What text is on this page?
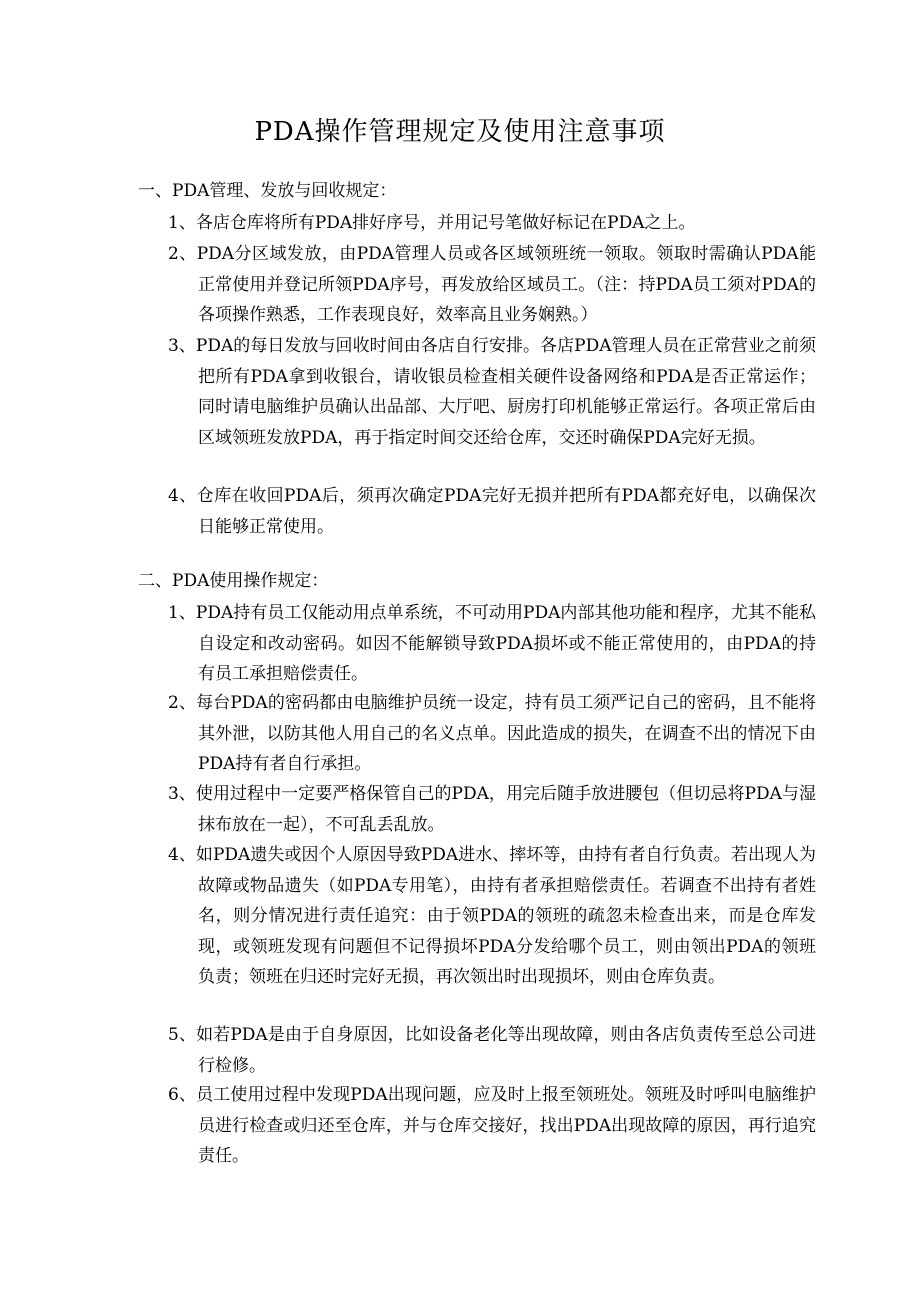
PDA操作管理规定及使用注意事项

一、PDA管理、发放与回收规定：

1、各店仓库将所有PDA排好序号，并用记号笔做好标记在PDA之上。

2、PDA分区域发放，由PDA管理人员或各区域领班统一领取。领取时需确认PDA能正常使用并登记所领PDA序号，再发放给区域员工。（注：持PDA员工须对PDA的各项操作熟悉，工作表现良好，效率高且业务娴熟。）

3、PDA的每日发放与回收时间由各店自行安排。各店PDA管理人员在正常营业之前须把所有PDA拿到收银台，请收银员检查相关硬件设备网络和PDA是否正常运作；同时请电脑维护员确认出品部、大厅吧、厨房打印机能够正常运行。各项正常后由区域领班发放PDA，再于指定时间交还给仓库，交还时确保PDA完好无损。

4、仓库在收回PDA后，须再次确定PDA完好无损并把所有PDA都充好电，以确保次日能够正常使用。

二、PDA使用操作规定：

1、PDA持有员工仅能动用点单系统，不可动用PDA内部其他功能和程序，尤其不能私自设定和改动密码。如因不能解锁导致PDA损坏或不能正常使用的，由PDA的持有员工承担赔偿责任。

2、每台PDA的密码都由电脑维护员统一设定，持有员工须严记自己的密码，且不能将其外泄，以防其他人用自己的名义点单。因此造成的损失，在调查不出的情况下由PDA持有者自行承担。

3、使用过程中一定要严格保管自己的PDA，用完后随手放进腰包（但切忌将PDA与湿抹布放在一起），不可乱丢乱放。

4、如PDA遗失或因个人原因导致PDA进水、摔坏等，由持有者自行负责。若出现人为故障或物品遗失（如PDA专用笔），由持有者承担赔偿责任。若调查不出持有者姓名，则分情况进行责任追究：由于领PDA的领班的疏忽未检查出来，而是仓库发现，或领班发现有问题但不记得损坏PDA分发给哪个员工，则由领出PDA的领班负责；领班在归还时完好无损，再次领出时出现损坏，则由仓库负责。

5、如若PDA是由于自身原因，比如设备老化等出现故障，则由各店负责传至总公司进行检修。

6、员工使用过程中发现PDA出现问题，应及时上报至领班处。领班及时呼叫电脑维护员进行检查或归还至仓库，并与仓库交接好，找出PDA出现故障的原因，再行追究责任。
